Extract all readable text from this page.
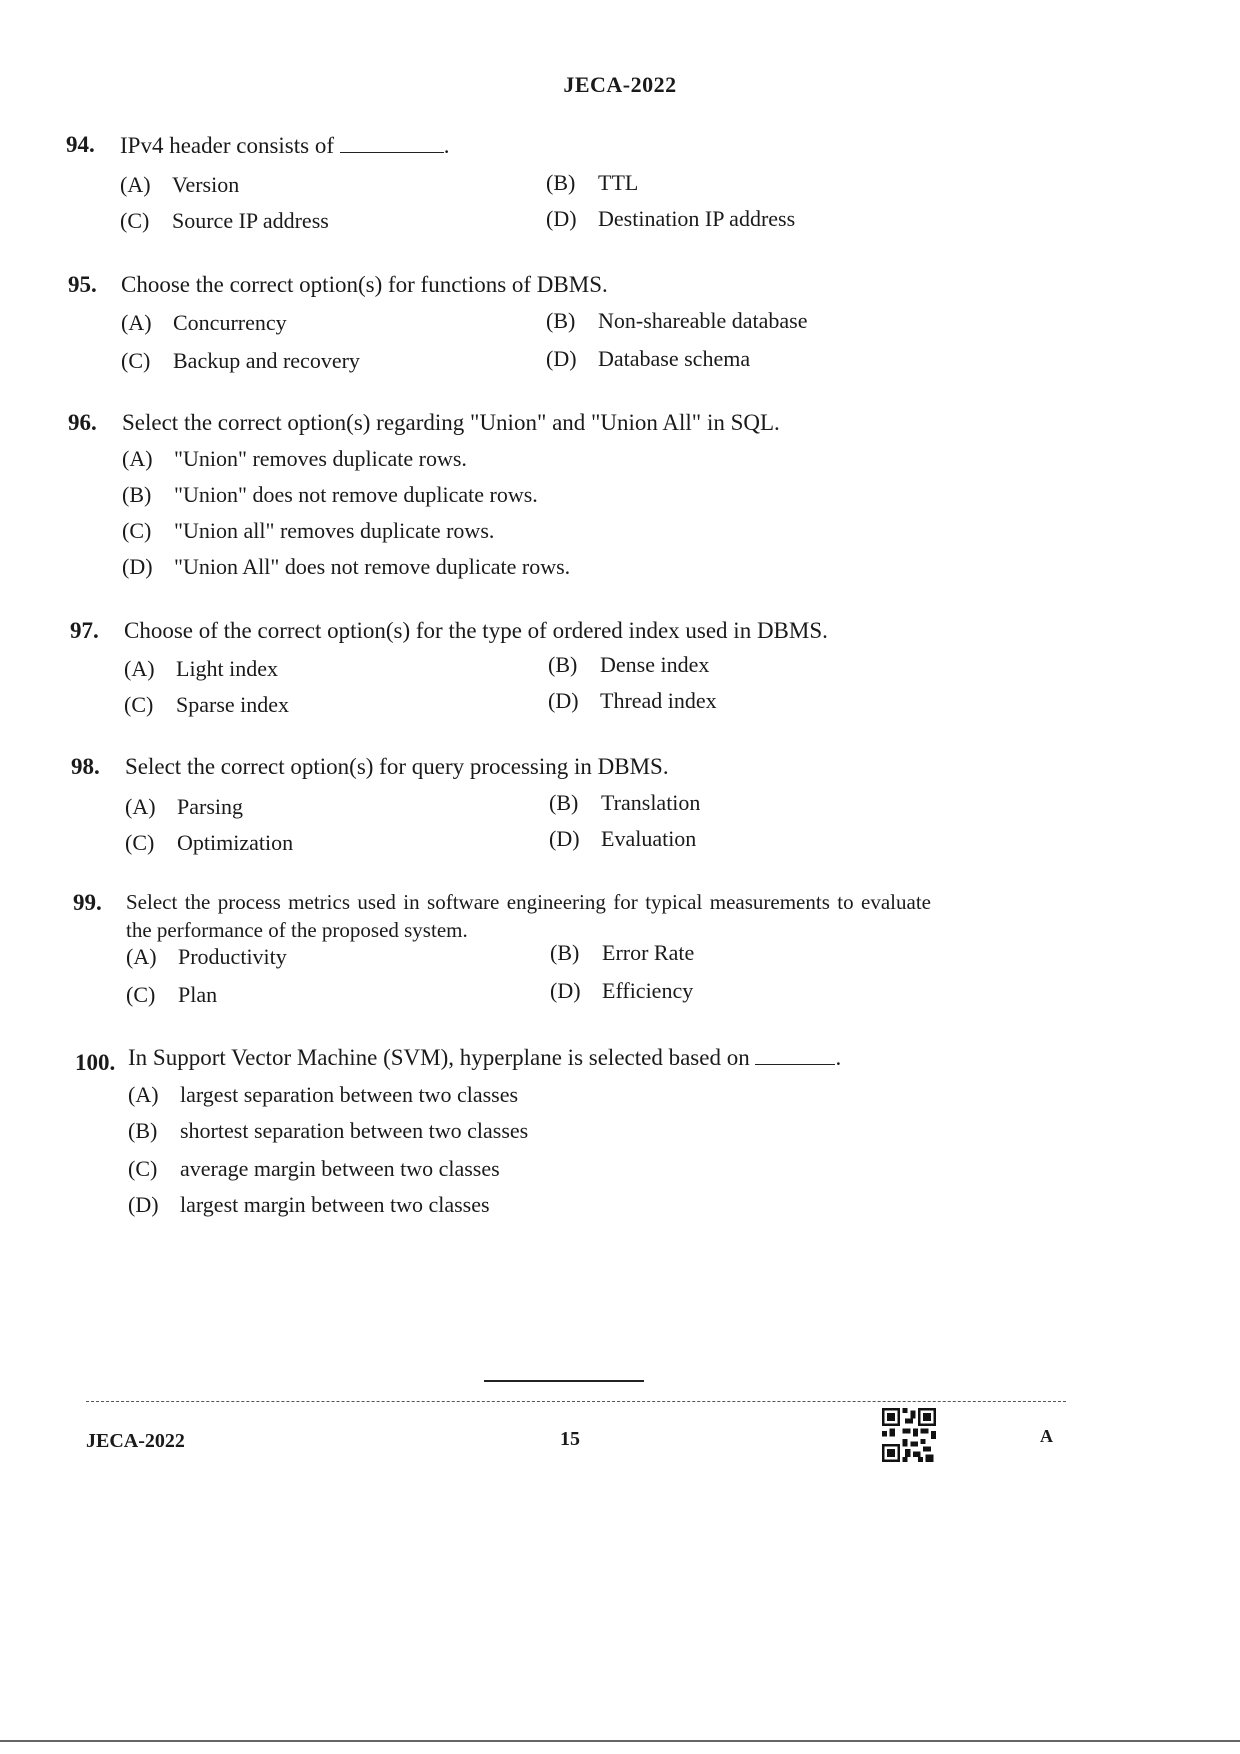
JECA-2022
94. IPv4 header consists of	.
(A) Version	(B) TTL
(C) Source IP address	(D) Destination IP address
95. Choose the correct option(s) for functions of DBMS.
(A) Concurrency	(B) Non-shareable database
(C) Backup and recovery	(D) Database schema
96. Select the correct option(s) regarding "Union" and "Union All" in SQL.
(A) "Union" removes duplicate rows.
(B) "Union" does not remove duplicate rows.
(C) "Union all" removes duplicate rows.
(D) "Union All" does not remove duplicate rows.
97. Choose of the correct option(s) for the type of ordered index used in DBMS.
(A) Light index	(B) Dense index
(C) Sparse index	(D) Thread index
98. Select the correct option(s) for query processing in DBMS.
(A) Parsing	(B) Translation
(C) Optimization	(D) Evaluation
99. Select the process metrics used in software engineering for typical measurements to evaluate the performance of the proposed system.
(A) Productivity	(B) Error Rate
(C) Plan	(D) Efficiency
100. In Support Vector Machine (SVM), hyperplane is selected based on	.
(A) largest separation between two classes
(B) shortest separation between two classes
(C) average margin between two classes
(D) largest margin between two classes
JECA-2022	15	A
